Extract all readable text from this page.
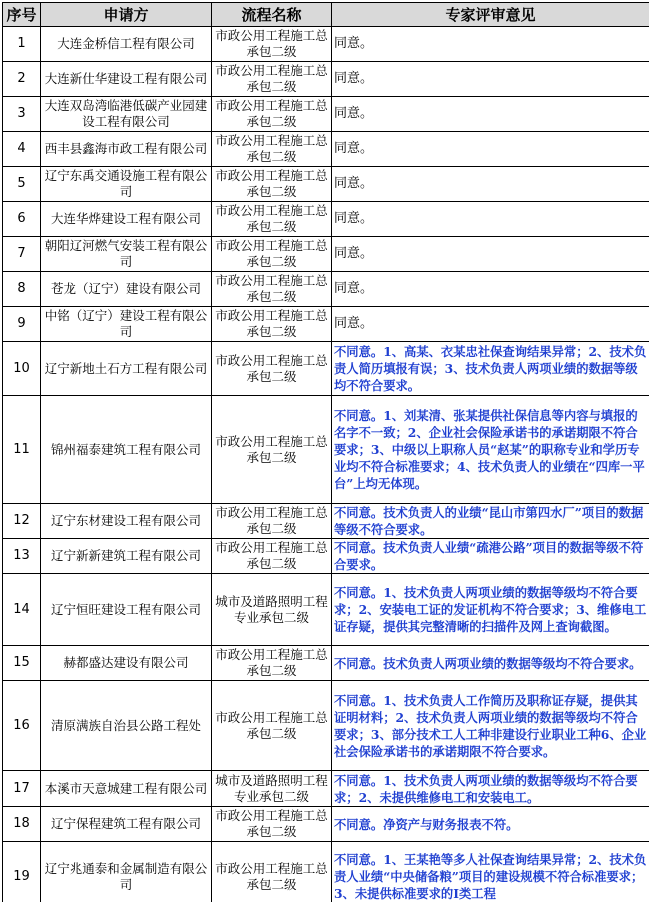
序号	申请方	流程名称	专家评审意见
1	大连金桥信工程有限公司	市政公用工程施工总承包二级	同意。
2	大连新仕华建设工程有限公司	市政公用工程施工总承包二级	同意。
3	大连双岛湾临港低碳产业园建设工程有限公司	市政公用工程施工总承包二级	同意。
4	西丰县鑫海市政工程有限公司	市政公用工程施工总承包二级	同意。
5	辽宁东禹交通设施工程有限公司	市政公用工程施工总承包二级	同意。
6	大连华烨建设工程有限公司	市政公用工程施工总承包二级	同意。
7	朝阳辽河燃气安装工程有限公司	市政公用工程施工总承包二级	同意。
8	苍龙（辽宁）建设有限公司	市政公用工程施工总承包二级	同意。
9	中铭（辽宁）建设工程有限公司	市政公用工程施工总承包二级	同意。
10	辽宁新地土石方工程有限公司	市政公用工程施工总承包二级	不同意。1、高某、衣某忠社保查询结果异常；2、技术负责人简历填报有误；3、技术负责人两项业绩的数据等级均不符合要求。
11	锦州福泰建筑工程有限公司	市政公用工程施工总承包二级	不同意。1、刘某清、张某提供社保信息等内容与填报的名字不一致；2、企业社会保险承诺书的承诺期限不符合要求；3、中级以上职称人员“赵某”的职称专业和学历专业均不符合标准要求；4、技术负责人的业绩在“四库一平台”上均无体现。
12	辽宁东材建设工程有限公司	市政公用工程施工总承包二级	不同意。技术负责人的业绩“昆山市第四水厂”项目的数据等级不符合要求。
13	辽宁新新建筑工程有限公司	市政公用工程施工总承包二级	不同意。技术负责人业绩“疏港公路”项目的数据等级不符合要求。
14	辽宁恒旺建设工程有限公司	城市及道路照明工程专业承包二级	不同意。1、技术负责人两项业绩的数据等级均不符合要求；2、安装电工证的发证机构不符合要求；3、维修电工证存疑，提供其完整清晰的扫描件及网上查询截图。
15	赫都盛达建设有限公司	市政公用工程施工总承包二级	不同意。技术负责人两项业绩的数据等级均不符合要求。
16	清原满族自治县公路工程处	市政公用工程施工总承包二级	不同意。1、技术负责人工作简历及职称证存疑，提供其证明材料；2、技术负责人两项业绩的数据等级均不符合要求；3、部分技术工人工种非建设行业职业工种6、企业社会保险承诺书的承诺期限不符合要求。
17	本溪市天意城建工程有限公司	城市及道路照明工程专业承包二级	不同意。1、技术负责人两项业绩的数据等级均不符合要求；2、未提供维修电工和安装电工。
18	辽宁保程建筑工程有限公司	市政公用工程施工总承包二级	不同意。净资产与财务报表不符。
19	辽宁兆通泰和金属制造有限公司	市政公用工程施工总承包二级	不同意。1、王某艳等多人社保查询结果异常；2、技术负责人业绩“中央储备粮”项目的建设规模不符合标准要求；3、未提供标准要求的I类工程
